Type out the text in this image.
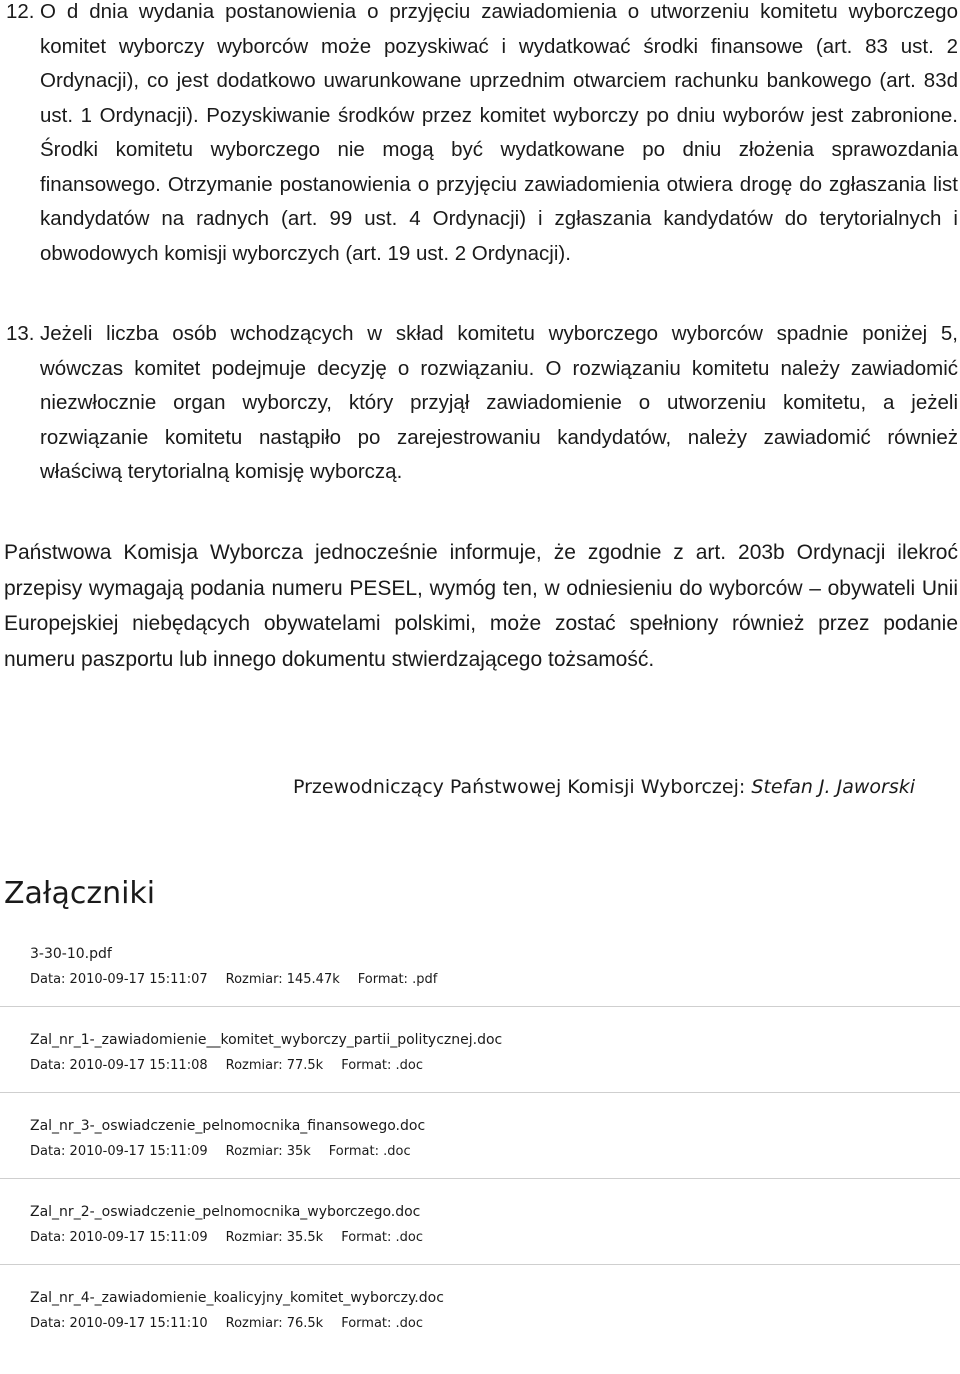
12. O d dnia wydania postanowienia o przyjęciu zawiadomienia o utworzeniu komitetu wyborczego komitet wyborczy wyborców może pozyskiwać i wydatkować środki finansowe (art. 83 ust. 2 Ordynacji), co jest dodatkowo uwarunkowane uprzednim otwarciem rachunku bankowego (art. 83d ust. 1 Ordynacji). Pozyskiwanie środków przez komitet wyborczy po dniu wyborów jest zabronione. Środki komitetu wyborczego nie mogą być wydatkowane po dniu złożenia sprawozdania finansowego. Otrzymanie postanowienia o przyjęciu zawiadomienia otwiera drogę do zgłaszania list kandydatów na radnych (art. 99 ust. 4 Ordynacji) i zgłaszania kandydatów do terytorialnych i obwodowych komisji wyborczych (art. 19 ust. 2 Ordynacji).

13. Jeżeli liczba osób wchodzących w skład komitetu wyborczego wyborców spadnie poniżej 5, wówczas komitet podejmuje decyzję o rozwiązaniu. O rozwiązaniu komitetu należy zawiadomić niezwłocznie organ wyborczy, który przyjął zawiadomienie o utworzeniu komitetu, a jeżeli rozwiązanie komitetu nastąpiło po zarejestrowaniu kandydatów, należy zawiadomić również właściwą terytorialną komisję wyborczą.

Państwowa Komisja Wyborcza jednocześnie informuje, że zgodnie z art. 203b Ordynacji ilekroć przepisy wymagają podania numeru PESEL, wymóg ten, w odniesieniu do wyborców – obywateli Unii Europejskiej niebędących obywatelami polskimi, może zostać spełniony również przez podanie numeru paszportu lub innego dokumentu stwierdzającego tożsamość.

Przewodniczący Państwowej Komisji Wyborczej: Stefan J. Jaworski
Załączniki
3-30-10.pdf
Data: 2010-09-17 15:11:07 Rozmiar: 145.47k Format: .pdf
Zal_nr_1-_zawiadomienie__komitet_wyborczy_partii_politycznej.doc
Data: 2010-09-17 15:11:08 Rozmiar: 77.5k Format: .doc
Zal_nr_3-_oswiadczenie_pelnomocnika_finansowego.doc
Data: 2010-09-17 15:11:09 Rozmiar: 35k Format: .doc
Zal_nr_2-_oswiadczenie_pelnomocnika_wyborczego.doc
Data: 2010-09-17 15:11:09 Rozmiar: 35.5k Format: .doc
Zal_nr_4-_zawiadomienie_koalicyjny_komitet_wyborczy.doc
Data: 2010-09-17 15:11:10 Rozmiar: 76.5k Format: .doc
